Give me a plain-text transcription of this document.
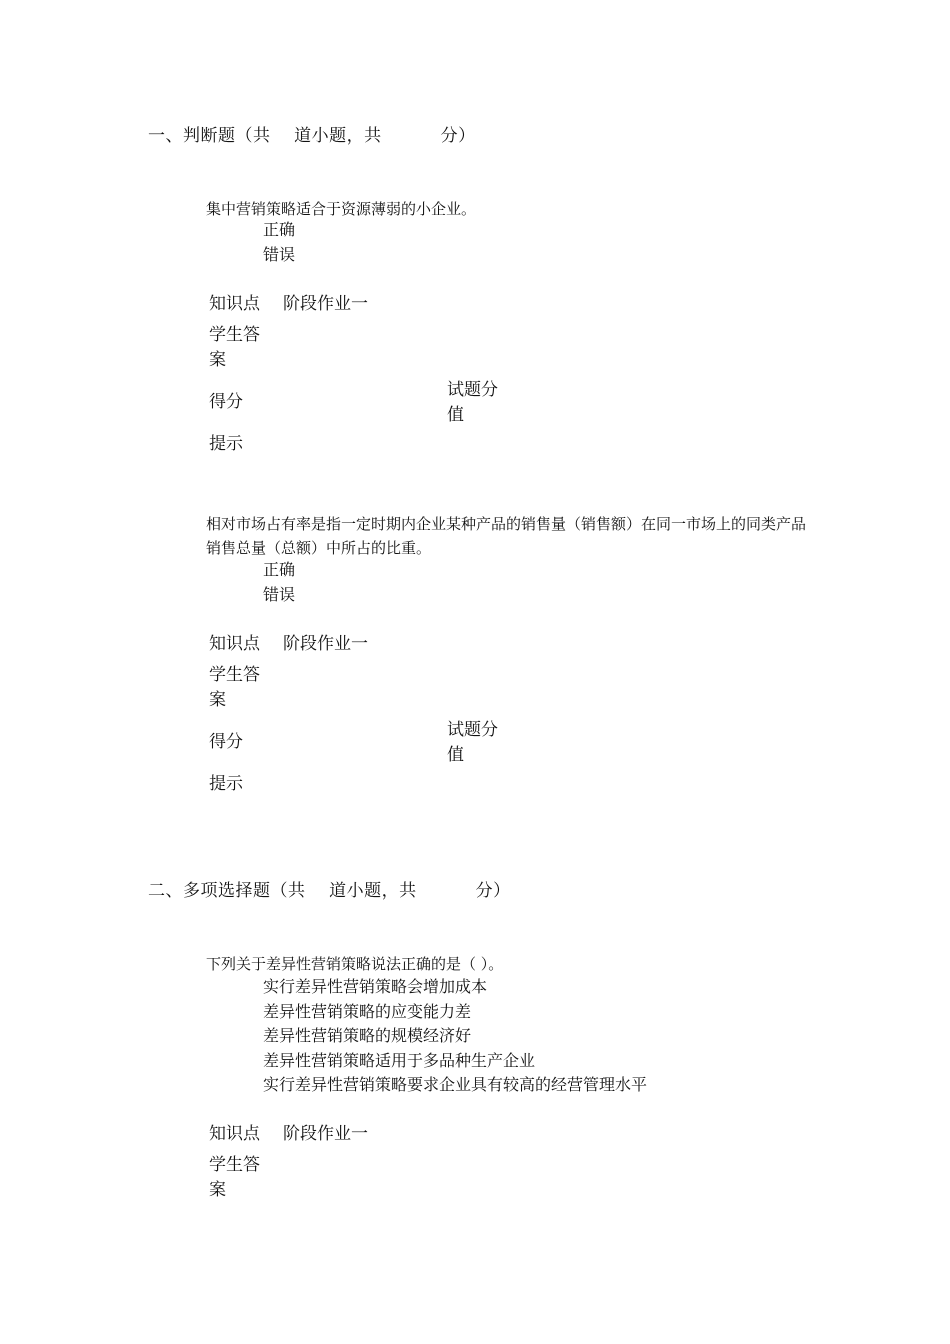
一、判断题（共    道小题，共          分）
集中营销策略适合于资源薄弱的小企业。
正确
错误
知识点 阶段作业一
学生答案
得分
试题分值
提示
相对市场占有率是指一定时期内企业某种产品的销售量（销售额）在同一市场上的同类产品销售总量（总额）中所占的比重。
正确
错误
知识点 阶段作业一
学生答案
得分
试题分值
提示
二、多项选择题（共    道小题，共          分）
下列关于差异性营销策略说法正确的是（ ）。
实行差异性营销策略会增加成本
差异性营销策略的应变能力差
差异性营销策略的规模经济好
差异性营销策略适用于多品种生产企业
实行差异性营销策略要求企业具有较高的经营管理水平
知识点 阶段作业一
学生答案
